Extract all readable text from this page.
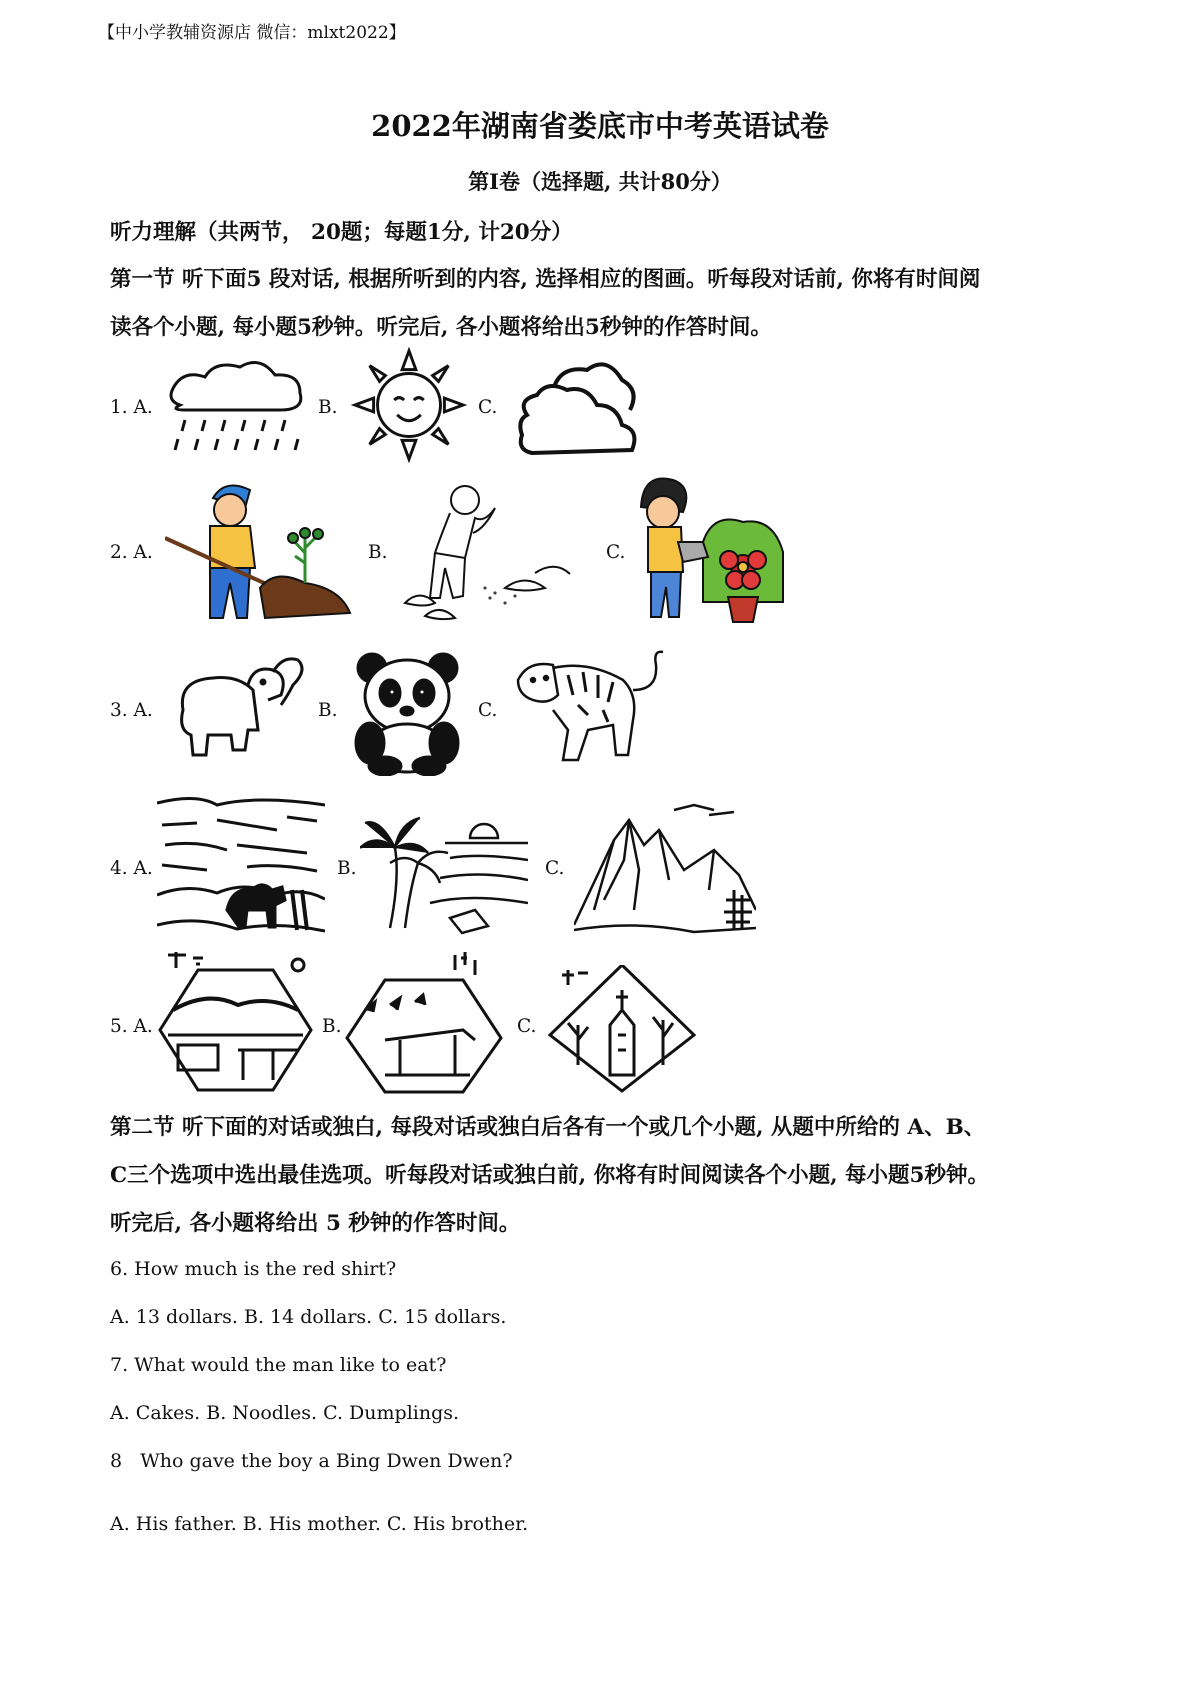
【中小学教辅资源店 微信：mlxt2022】
2022年湖南省娄底市中考英语试卷
第I卷（选择题, 共计80分）
听力理解（共两节， 20题；每题1分, 计20分）
第一节 听下面5 段对话, 根据所听到的内容, 选择相应的图画。听每段对话前, 你将有时间阅
读各个小题, 每小题5秒钟。听完后, 各小题将给出5秒钟的作答时间。
1. A.	B.	C.
2. A.	B.	C.
3. A.	B.	C.
4. A.	B.	C.
5. A.	B.	C.
第二节 听下面的对话或独白, 每段对话或独白后各有一个或几个小题, 从题中所给的 A、B、
C三个选项中选出最佳选项。听每段对话或独白前, 你将有时间阅读各个小题, 每小题5秒钟。
听完后, 各小题将给出 5 秒钟的作答时间。
6. How much is the red shirt?
A. 13 dollars. B. 14 dollars. C. 15 dollars.
7. What would the man like to eat?
A. Cakes. B. Noodles. C. Dumplings.
8   Who gave the boy a Bing Dwen Dwen?
A. His father. B. His mother. C. His brother.
